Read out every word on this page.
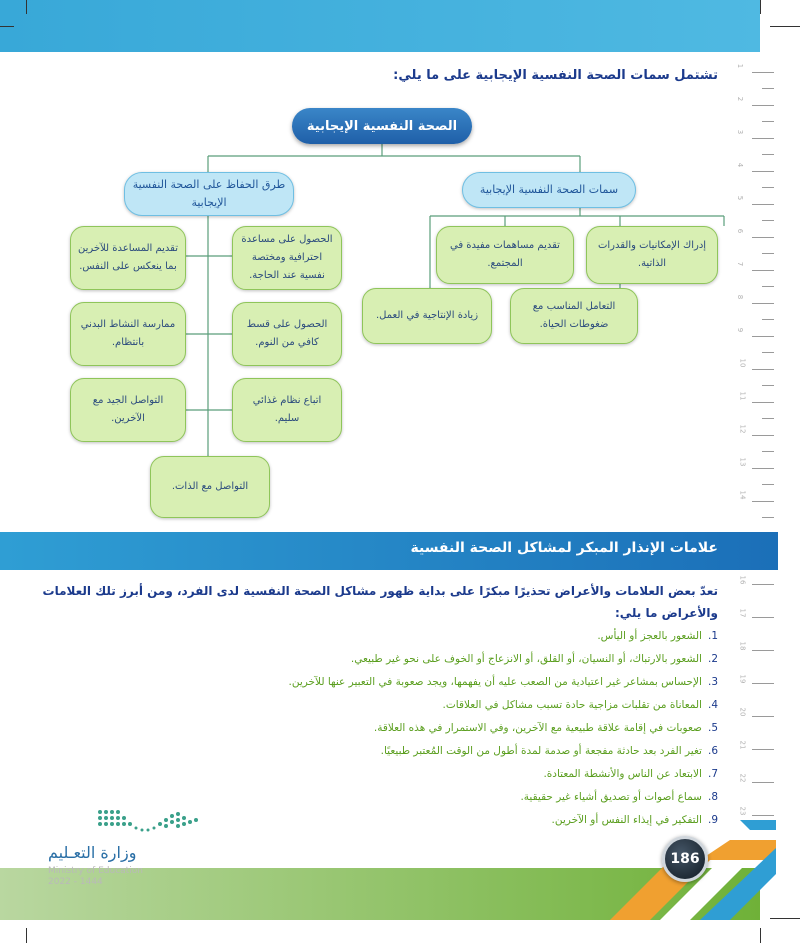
1
2
3
4
5
6
7
8
9
10
11
12
13
14
16
17
18
19
20
21
22
23
تشتمل سمات الصحة النفسية الإيجابية على ما يلي:
الصحة النفسية الإيجابية
طرق الحفاظ على الصحة النفسية الإيجابية
سمات الصحة النفسية الإيجابية
إدراك الإمكانيات والقدرات الذاتية.
تقديم مساهمات مفيدة في المجتمع.
التعامل المناسب مع ضغوطات الحياة.
زيادة الإنتاجية في العمل.
الحصول على مساعدة احترافية ومختصة نفسية عند الحاجة.
تقديم المساعدة للآخرين بما ينعكس على النفس.
الحصول على قسط كافي من النوم.
ممارسة النشاط البدني بانتظام.
اتباع نظام غذائي سليم.
التواصل الجيد مع الآخرين.
التواصل مع الذات.
علامات الإنذار المبكر لمشاكل الصحة النفسية
تعدّ بعض العلامات والأعراض تحذيرًا مبكرًا على بداية ظهور مشاكل الصحة النفسية لدى الفرد، ومن أبرز تلك العلامات والأعراض ما يلي:
1.
الشعور بالعجز أو اليأس.
2.
الشعور بالارتباك، أو النسيان، أو القلق، أو الانزعاج أو الخوف على نحو غير طبيعي.
3.
الإحساس بمشاعر غير اعتيادية من الصعب عليه أن يفهمها، ويجد صعوبة في التعبير عنها للآخرين.
4.
المعاناة من تقلبات مزاجية حادة تسبب مشاكل في العلاقات.
5.
صعوبات في إقامة علاقة طبيعية مع الآخرين، وفي الاستمرار في هذه العلاقة.
6.
تغير الفرد بعد حادثة مفجعة أو صدمة لمدة أطول من الوقت المُعتبر طبيعيًا.
7.
الابتعاد عن الناس والأنشطة المعتادة.
8.
سماع أصوات أو تصديق أشياء غير حقيقية.
9.
التفكير في إيذاء النفس أو الآخرين.
وزارة التعـليم
Ministry of Education
2022 - 1444
186
